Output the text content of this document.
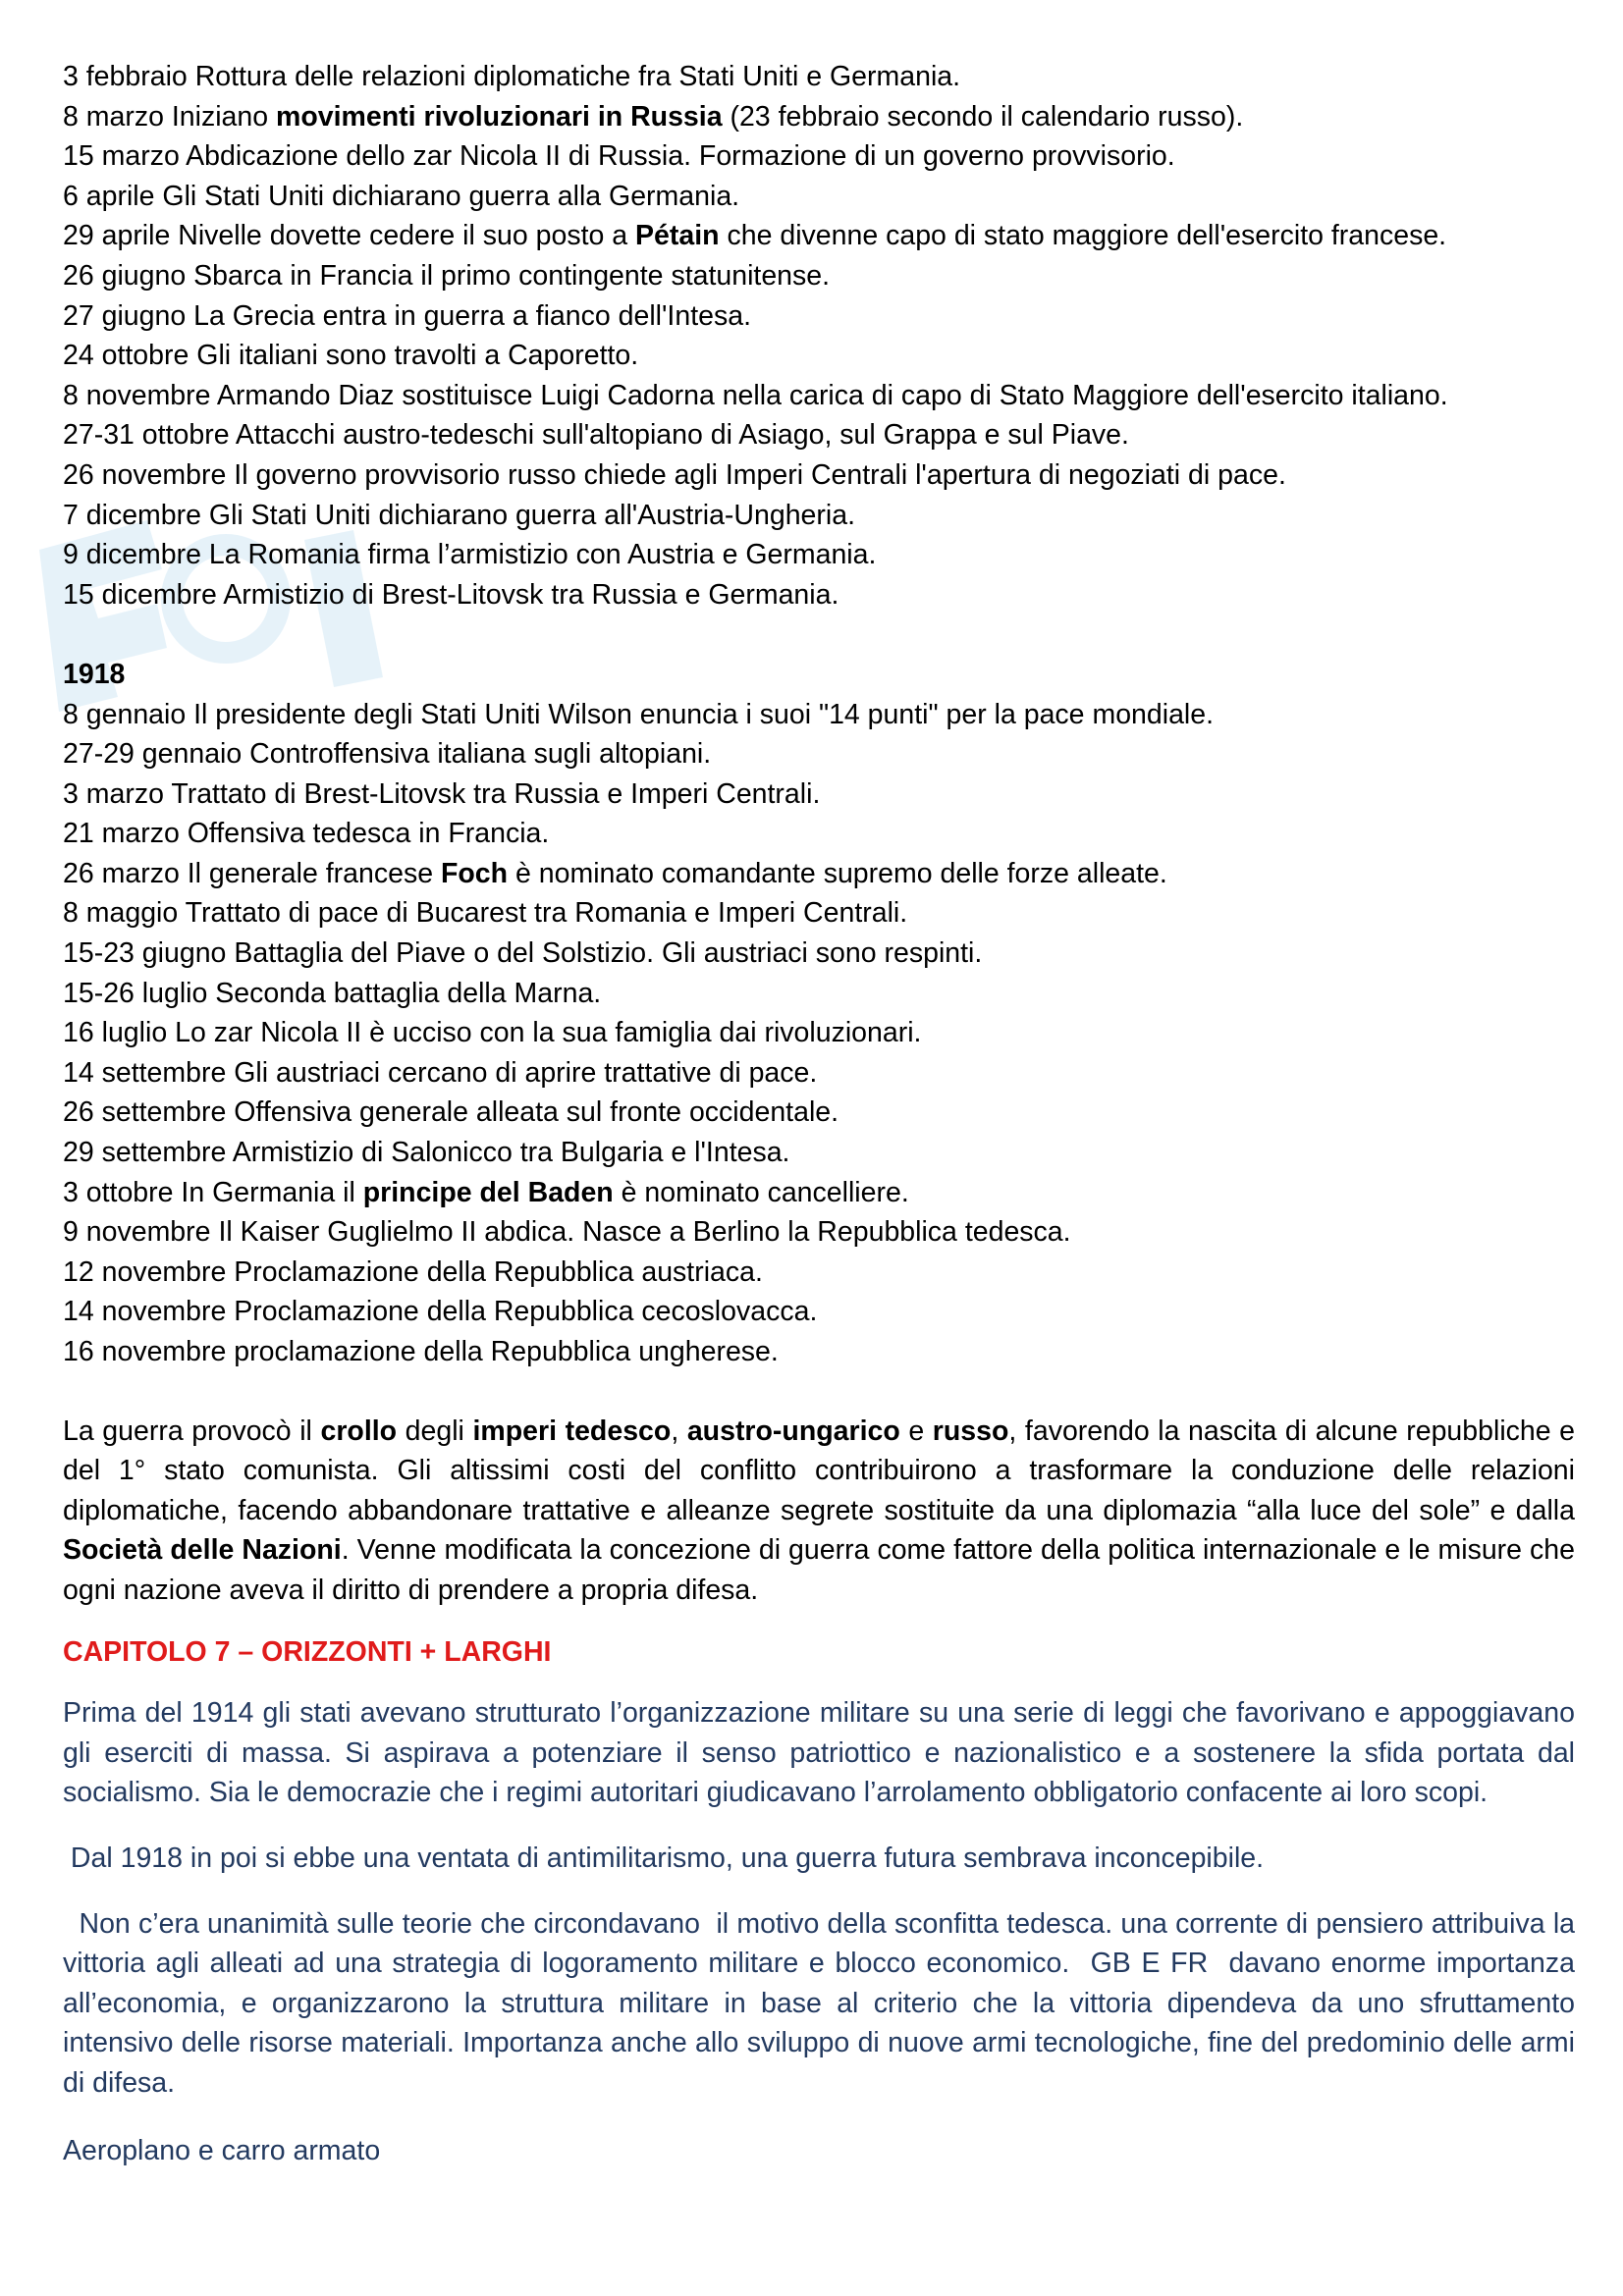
3 febbraio Rottura delle relazioni diplomatiche fra Stati Uniti e Germania.
8 marzo Iniziano movimenti rivoluzionari in Russia (23 febbraio secondo il calendario russo).
15 marzo Abdicazione dello zar Nicola II di Russia. Formazione di un governo provvisorio.
6 aprile Gli Stati Uniti dichiarano guerra alla Germania.
29 aprile Nivelle dovette cedere il suo posto a Pétain che divenne capo di stato maggiore dell'esercito francese.
26 giugno Sbarca in Francia il primo contingente statunitense.
27 giugno La Grecia entra in guerra a fianco dell'Intesa.
24 ottobre Gli italiani sono travolti a Caporetto.
8 novembre Armando Diaz sostituisce Luigi Cadorna nella carica di capo di Stato Maggiore dell'esercito italiano.
27-31 ottobre Attacchi austro-tedeschi sull'altopiano di Asiago, sul Grappa e sul Piave.
26 novembre Il governo provvisorio russo chiede agli Imperi Centrali l'apertura di negoziati di pace.
7 dicembre Gli Stati Uniti dichiarano guerra all'Austria-Ungheria.
9 dicembre La Romania firma l’armistizio con Austria e Germania.
15 dicembre Armistizio di Brest-Litovsk tra Russia e Germania.
1918
8 gennaio Il presidente degli Stati Uniti Wilson enuncia i suoi "14 punti" per la pace mondiale.
27-29 gennaio Controffensiva italiana sugli altopiani.
3 marzo Trattato di Brest-Litovsk tra Russia e Imperi Centrali.
21 marzo Offensiva tedesca in Francia.
26 marzo Il generale francese Foch è nominato comandante supremo delle forze alleate.
8 maggio Trattato di pace di Bucarest tra Romania e Imperi Centrali.
15-23 giugno Battaglia del Piave o del Solstizio. Gli austriaci sono respinti.
15-26 luglio Seconda battaglia della Marna.
16 luglio Lo zar Nicola II è ucciso con la sua famiglia dai rivoluzionari.
14 settembre Gli austriaci cercano di aprire trattative di pace.
26 settembre Offensiva generale alleata sul fronte occidentale.
29 settembre Armistizio di Salonicco tra Bulgaria e l'Intesa.
3 ottobre In Germania il principe del Baden è nominato cancelliere.
9 novembre Il Kaiser Guglielmo II abdica. Nasce a Berlino la Repubblica tedesca.
12 novembre Proclamazione della Repubblica austriaca.
14 novembre Proclamazione della Repubblica cecoslovacca.
16 novembre proclamazione della Repubblica ungherese.

La guerra provocò il crollo degli imperi tedesco, austro-ungarico e russo, favorendo la nascita di alcune repubbliche e del 1° stato comunista. Gli altissimi costi del conflitto contribuirono a trasformare la conduzione delle relazioni diplomatiche, facendo abbandonare trattative e alleanze segrete sostituite da una diplomazia “alla luce del sole” e dalla Società delle Nazioni. Venne modificata la concezione di guerra come fattore della politica internazionale e le misure che ogni nazione aveva il diritto di prendere a propria difesa.

CAPITOLO 7 – ORIZZONTI + LARGHI

Prima del 1914 gli stati avevano strutturato l’organizzazione militare su una serie di leggi che favorivano e appoggiavano gli eserciti di massa. Si aspirava a potenziare il senso patriottico e nazionalistico e a sostenere la sfida portata dal socialismo. Sia le democrazie che i regimi autoritari giudicavano l’arrolamento obbligatorio confacente ai loro scopi.

Dal 1918 in poi si ebbe una ventata di antimilitarismo, una guerra futura sembrava inconcepibile.

Non c’era unanimità sulle teorie che circondavano  il motivo della sconfitta tedesca. una corrente di pensiero attribuiva la vittoria agli alleati ad una strategia di logoramento militare e blocco economico.  GB E FR  davano enorme importanza all’economia, e organizzarono la struttura militare in base al criterio che la vittoria dipendeva da uno sfruttamento intensivo delle risorse materiali. Importanza anche allo sviluppo di nuove armi tecnologiche, fine del predominio delle armi di difesa.

Aeroplano e carro armato
